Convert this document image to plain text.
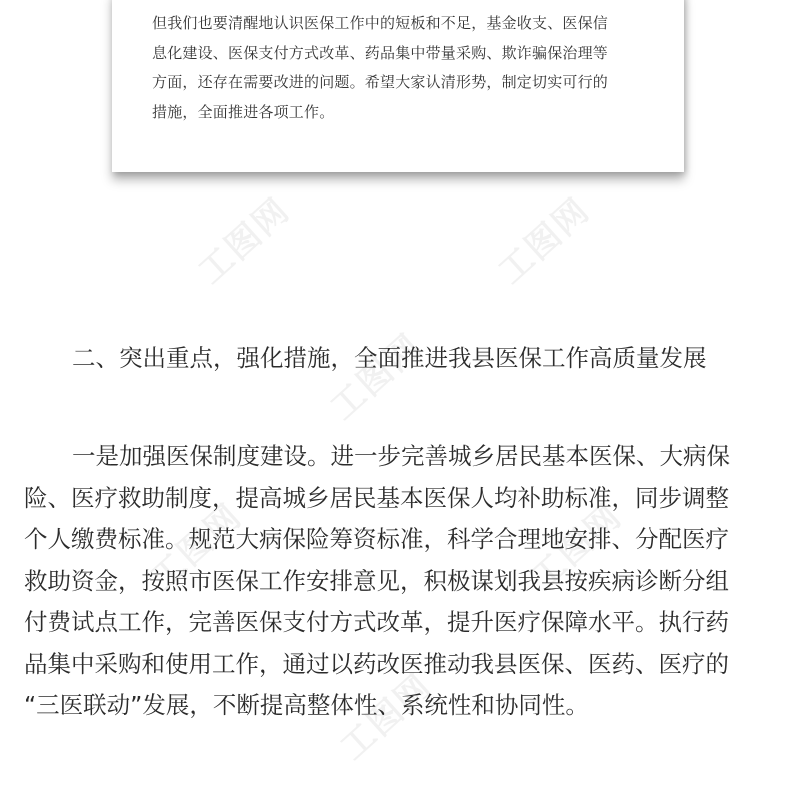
工图网	工图网
工图网
工图网	工图网
工图网
但我们也要清醒地认识医保工作中的短板和不足，基金收支、医保信
息化建设、医保支付方式改革、药品集中带量采购、欺诈骗保治理等
方面，还存在需要改进的问题。希望大家认清形势，制定切实可行的
措施，全面推进各项工作。
二、突出重点，强化措施，全面推进我县医保工作高质量发展
一是加强医保制度建设。进一步完善城乡居民基本医保、大病保
险、医疗救助制度，提高城乡居民基本医保人均补助标准，同步调整
个人缴费标准。规范大病保险筹资标准，科学合理地安排、分配医疗
救助资金，按照市医保工作安排意见，积极谋划我县按疾病诊断分组
付费试点工作，完善医保支付方式改革，提升医疗保障水平。执行药
品集中采购和使用工作，通过以药改医推动我县医保、医药、医疗的
“三医联动”发展，不断提高整体性、系统性和协同性。
